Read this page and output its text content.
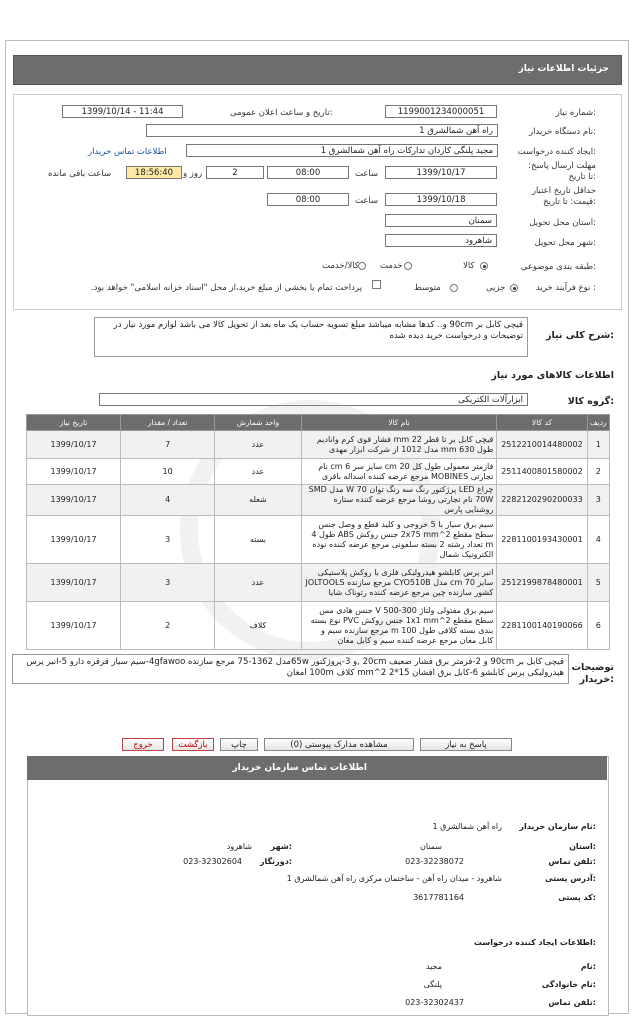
جزئیات اطلاعات نیاز
شماره نیاز:
1199001234000051
تاریخ و ساعت اعلان عمومی:
1399/10/14 - 11:44
نام دستگاه خریدار:
راه آهن شمالشرق 1
ایجاد کننده درخواست:
مجید پلنگی کاردان تدارکات راه آهن شمالشرق 1
اطلاعات تماس خریدار
مهلت ارسال پاسخ: تا تاریخ:
1399/10/17
ساعت
08:00
2
روز و
18:56:40
ساعت باقی مانده
حداقل تاریخ اعتبار قیمت: تا تاریخ:
1399/10/18
ساعت
08:00
استان محل تحویل:
سمنان
شهر محل تحویل:
شاهرود
طبقه بندی موضوعی:
کالا
خدمت
کالا/خدمت
نوع فرآیند خرید :
جزیی
متوسط
پرداخت تمام یا بخشی از مبلغ خرید،از محل "اسناد خزانه اسلامی" خواهد بود.
شرح کلی نیاز:
قیچی کابل بر 90cm و.. کدها مشابه میباشد مبلغ تسویه حساب یک ماه بعد از تحویل کالا می باشد لوازم مورد نیاز در توضیحات و درخواست خرید دیده شده
اطلاعات کالاهای مورد نیاز
گروه کالا:
ابزارآلات الکتریکی
ردیف	کد کالا	نام کالا	واحد شمارش	تعداد / مقدار	تاریخ نیاز
1	2512210014480002	قیچی کابل بر تا قطر 22 mm فشار قوی کرم وانادیم طول 630 mm مدل 1012 از شرکت ابزار مهدی	عدد	7	1399/10/17
2	2511400801580002	فازمتر معمولی طول کل 20 cm سایز سر 6 cm نام تجارتی MOBINES مرجع عرضه کننده اسداله باقری	عدد	10	1399/10/17
3	2282120290200033	چراغ LED پرژکتور رنگ سه رنگ توان 70 W مدل SMD 70W نام تجارتی روشا مرجع عرضه کننده ستاره روشنایی پارس	شعله	4	1399/10/17
4	2281100193430001	سیم برق سیار با 5 خروجی و کلید قطع و وصل جنس سطح مقطع 2x75 mm^2 جنس روکش ABS طول 4 m تعداد رشته 2 بسته سلفونی مرجع عرضه کننده نوده الکترونیک شمال	بسته	3	1399/10/17
5	2512199878480001	انبر پرس کابلشو هیدرولیکی فلزی با روکش پلاستیکی سایز 70 cm مدل CYO510B مرجع سازنده JOLTOOLS کشور سازنده چین مرجع عرضه کننده رتوناک شایا	عدد	3	1399/10/17
6	2281100140190066	سیم برق مفتولی ولتاژ 300-500 V جنس هادی مس سطح مقطع 1x1 mm^2 جنس روکش PVC نوع بسته بندی بسته کلافی طول 100 m مرجع سازنده سیم و کابل مغان مرجع عرضه کننده سیم و کابل مغان	کلاف	2	1399/10/17
توضیحات خریدار:
قیچی کابل بر 90cm و 2-فرمتر برق فشار ضعیف 20cm ,و 3-پروژکتور 65wمدل 1362-75 مرجع سازنده 4gfawoo-سیم سیار قرقره دارو 5-انبر پرس هیدرولیکی پرس کابلشو 6-کابل برق افشان 15*2 mm^2 کلاف l 100mمغان
پاسخ به نیاز
مشاهده مدارک پیوستی (0)
چاپ
بازگشت
خروج
اطلاعات تماس سازمان خریدار
نام سازمان خریدار:
راه آهن شمالشرق 1
استان:
سمنان
شهر:
شاهرود
تلفن تماس:
023-32238072
دورنگار:
023-32302604
آدرس پستی:
شاهرود - میدان راه آهن - ساختمان مرکزی راه آهن شمالشرق 1
کد پستی:
3617781164
اطلاعات ایجاد کننده درخواست:
نام:
مجید
نام خانوادگی:
پلنگی
تلفن تماس:
023-32302437
